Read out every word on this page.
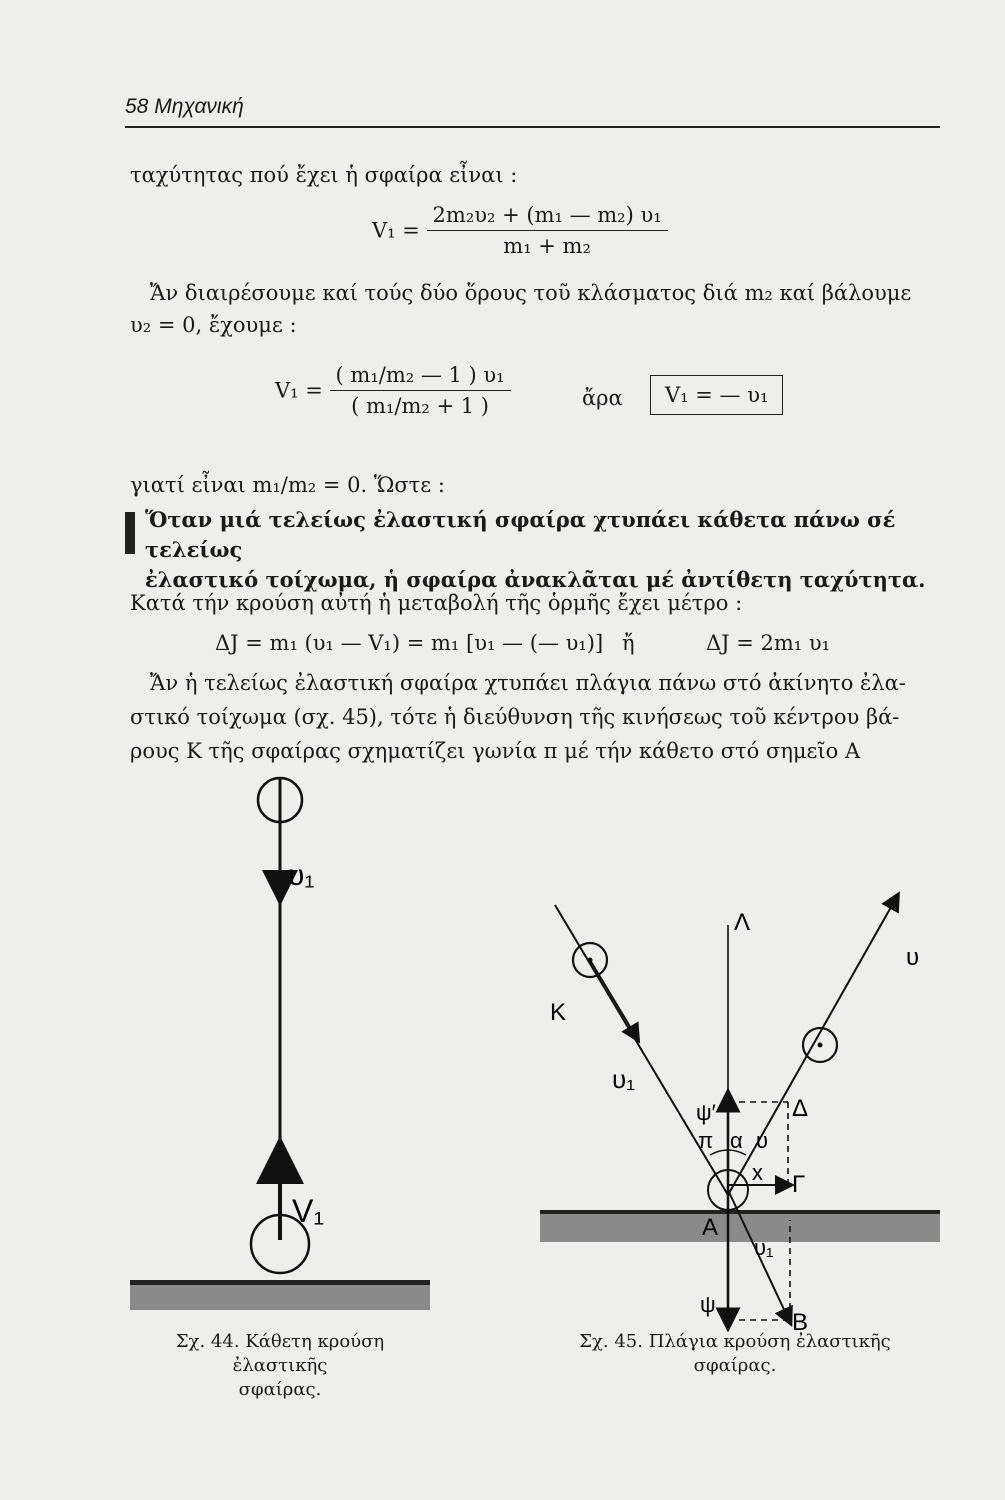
58 Μηχανική
ταχύτητας πού ἔχει ἡ σφαίρα εἶναι :
$V_1 = \frac{\text{2m₂υ₂ + (m₁ — m₂) υ₁}}{\text{m₁ + m₂}}$
Ἄν διαιρέσουμε καί τούς δύο ὅρους τοῦ κλάσματος διά m₂ καί βάλουμε
υ₂ = 0, ἔχουμε :
$V_1 = \frac{\text{( m₁/m₂ — 1 ) υ₁}}{\text{( m₁/m₂ + 1 )}}$	ἄρα	V₁ = — υ₁
γιατί εἶναι m₁/m₂ = 0. Ὥστε :
Ὅταν μιά τελείως ἐλαστική σφαίρα χτυπάει κάθετα πάνω σέ τελείως
ἐλαστικό τοίχωμα, ἡ σφαίρα ἀνακλᾶται μέ ἀντίθετη ταχύτητα.
Κατά τήν κρούση αὐτή ἡ μεταβολή τῆς ὁρμῆς ἔχει μέτρο :
ΔJ = m₁ (υ₁ — V₁) = m₁ [υ₁ — (— υ₁)] ἤ	ΔJ = 2m₁ υ₁
Ἄν ἡ τελείως ἐλαστική σφαίρα χτυπάει πλάγια πάνω στό ἀκίνητο ἐλα-
στικό τοίχωμα (σχ. 45), τότε ἡ διεύθυνση τῆς κινήσεως τοῦ κέντρου βά-
ρους Κ τῆς σφαίρας σχηματίζει γωνία π μέ τήν κάθετο στό σημεῖο Α
υ₁
V₁
Σχ. 44. Κάθετη κρούση ἐλαστικῆς
σφαίρας.
Λ
υ
Κ
υ₁
ψ′	Δ
π α υ
x Γ
Α
υ₁
ψ
Β
Σχ. 45. Πλάγια κρούση ἐλαστικῆς
σφαίρας.
